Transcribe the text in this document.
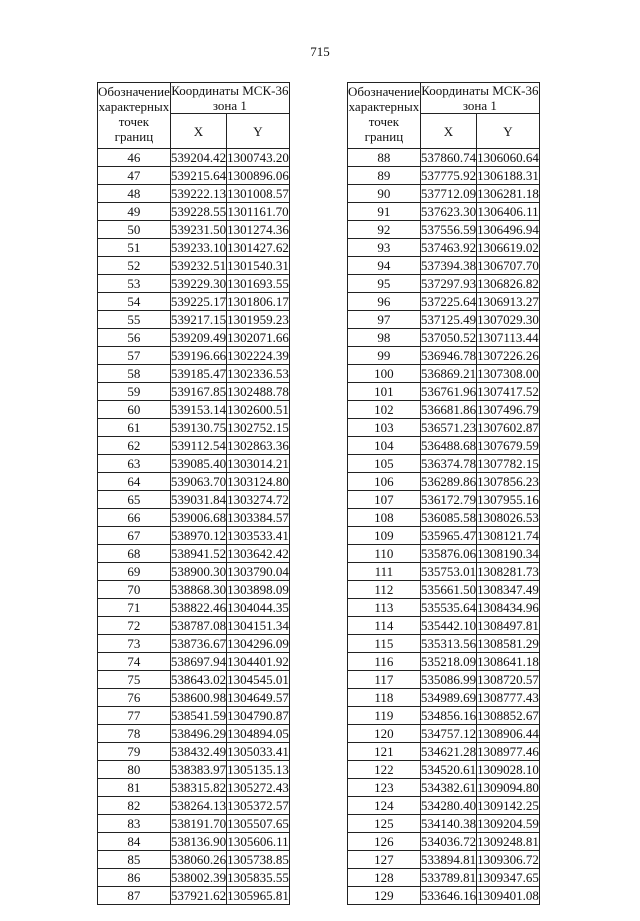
715
Обозначение характерных точек границ	Координаты МСК-36 зона 1	
	X	Y
46	539204.42	1300743.20
47	539215.64	1300896.06
48	539222.13	1301008.57
49	539228.55	1301161.70
50	539231.50	1301274.36
51	539233.10	1301427.62
52	539232.51	1301540.31
53	539229.30	1301693.55
54	539225.17	1301806.17
55	539217.15	1301959.23
56	539209.49	1302071.66
57	539196.66	1302224.39
58	539185.47	1302336.53
59	539167.85	1302488.78
60	539153.14	1302600.51
61	539130.75	1302752.15
62	539112.54	1302863.36
63	539085.40	1303014.21
64	539063.70	1303124.80
65	539031.84	1303274.72
66	539006.68	1303384.57
67	538970.12	1303533.41
68	538941.52	1303642.42
69	538900.30	1303790.04
70	538868.30	1303898.09
71	538822.46	1304044.35
72	538787.08	1304151.34
73	538736.67	1304296.09
74	538697.94	1304401.92
75	538643.02	1304545.01
76	538600.98	1304649.57
77	538541.59	1304790.87
78	538496.29	1304894.05
79	538432.49	1305033.41
80	538383.97	1305135.13
81	538315.82	1305272.43
82	538264.13	1305372.57
83	538191.70	1305507.65
84	538136.90	1305606.11
85	538060.26	1305738.85
86	538002.39	1305835.55
87	537921.62	1305965.81
Обозначение характерных точек границ	Координаты МСК-36 зона 1	
	X	Y
88	537860.74	1306060.64
89	537775.92	1306188.31
90	537712.09	1306281.18
91	537623.30	1306406.11
92	537556.59	1306496.94
93	537463.92	1306619.02
94	537394.38	1306707.70
95	537297.93	1306826.82
96	537225.64	1306913.27
97	537125.49	1307029.30
98	537050.52	1307113.44
99	536946.78	1307226.26
100	536869.21	1307308.00
101	536761.96	1307417.52
102	536681.86	1307496.79
103	536571.23	1307602.87
104	536488.68	1307679.59
105	536374.78	1307782.15
106	536289.86	1307856.23
107	536172.79	1307955.16
108	536085.58	1308026.53
109	535965.47	1308121.74
110	535876.06	1308190.34
111	535753.01	1308281.73
112	535661.50	1308347.49
113	535535.64	1308434.96
114	535442.10	1308497.81
115	535313.56	1308581.29
116	535218.09	1308641.18
117	535086.99	1308720.57
118	534989.69	1308777.43
119	534856.16	1308852.67
120	534757.12	1308906.44
121	534621.28	1308977.46
122	534520.61	1309028.10
123	534382.61	1309094.80
124	534280.40	1309142.25
125	534140.38	1309204.59
126	534036.72	1309248.81
127	533894.81	1309306.72
128	533789.81	1309347.65
129	533646.16	1309401.08
